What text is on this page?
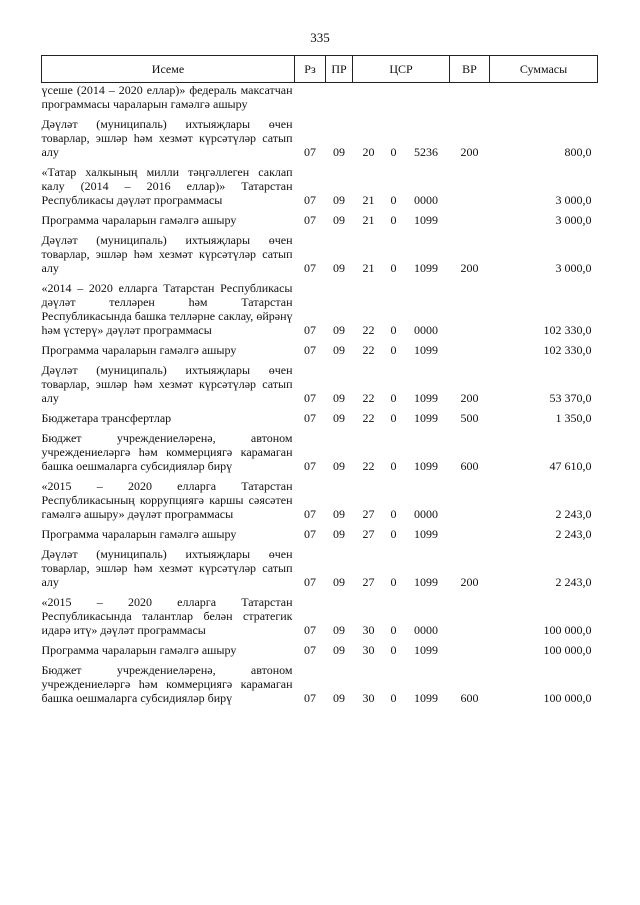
335
Исеме	Рз	ПР	ЦСР			ВР	Суммасы
үсеше (2014 – 2020 еллар)» федераль максатчан программасы чараларын гамәлгә ашыру							
Дәүләт (муниципаль) ихтыяҗлары өчен товарлар, эшләр һәм хезмәт күрсәтүләр сатып алу	07	09	20	0	5236	200	800,0
«Татар халкының милли тәңгәллеген саклап калу (2014 – 2016 еллар)» Татарстан Республикасы дәүләт программасы	07	09	21	0	0000		3 000,0
Программа чараларын гамәлгә ашыру	07	09	21	0	1099		3 000,0
Дәүләт (муниципаль) ихтыяҗлары өчен товарлар, эшләр һәм хезмәт күрсәтүләр сатып алу	07	09	21	0	1099	200	3 000,0
«2014 – 2020 елларга Татарстан Республикасы дәүләт телләрен һәм Татарстан Республикасында башка телләрне саклау, өйрәнү һәм үстерү» дәүләт программасы	07	09	22	0	0000		102 330,0
Программа чараларын гамәлгә ашыру	07	09	22	0	1099		102 330,0
Дәүләт (муниципаль) ихтыяҗлары өчен товарлар, эшләр һәм хезмәт күрсәтүләр сатып алу	07	09	22	0	1099	200	53 370,0
Бюджетара трансфертлар	07	09	22	0	1099	500	1 350,0
Бюджет учреждениеләренә, автоном учреждениеләргә һәм коммерциягә карамаган башка оешмаларга субсидияләр бирү	07	09	22	0	1099	600	47 610,0
«2015 – 2020 елларга Татарстан Республикасының коррупциягә каршы сәясәтен гамәлгә ашыру» дәүләт программасы	07	09	27	0	0000		2 243,0
Программа чараларын гамәлгә ашыру	07	09	27	0	1099		2 243,0
Дәүләт (муниципаль) ихтыяҗлары өчен товарлар, эшләр һәм хезмәт күрсәтүләр сатып алу	07	09	27	0	1099	200	2 243,0
«2015 – 2020 елларга Татарстан Республикасында талантлар белән стратегик идарә итү» дәүләт программасы	07	09	30	0	0000		100 000,0
Программа чараларын гамәлгә ашыру	07	09	30	0	1099		100 000,0
Бюджет учреждениеләренә, автоном учреждениеләргә һәм коммерциягә карамаган башка оешмаларга субсидияләр бирү	07	09	30	0	1099	600	100 000,0
